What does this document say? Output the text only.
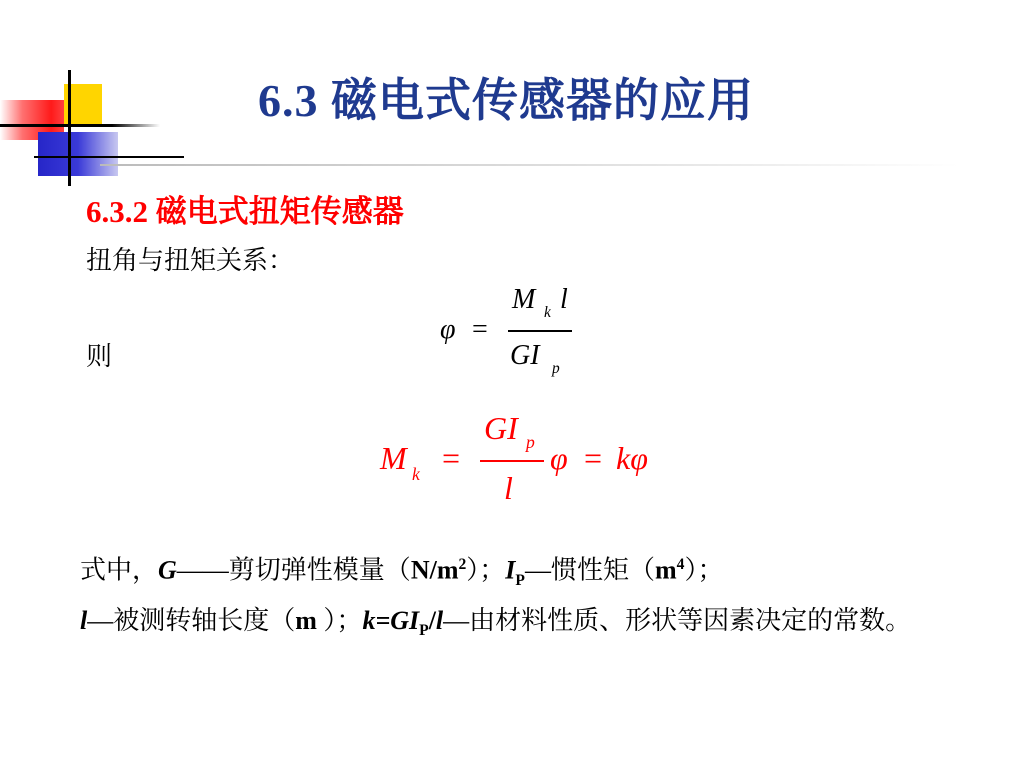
6.3 磁电式传感器的应用
6.3.2 磁电式扭矩传感器
扭角与扭矩关系：
则
φ =
M k l
GI p
M k =
GI p
l
φ = kφ
式中，G——剪切弹性模量$(N/m^2)$；$I_P—$惯性矩$(m^4)$；
l—被测转轴长度（m ）；$k=GI_P/l—$由材料性质、形状等因素决定的常数。
